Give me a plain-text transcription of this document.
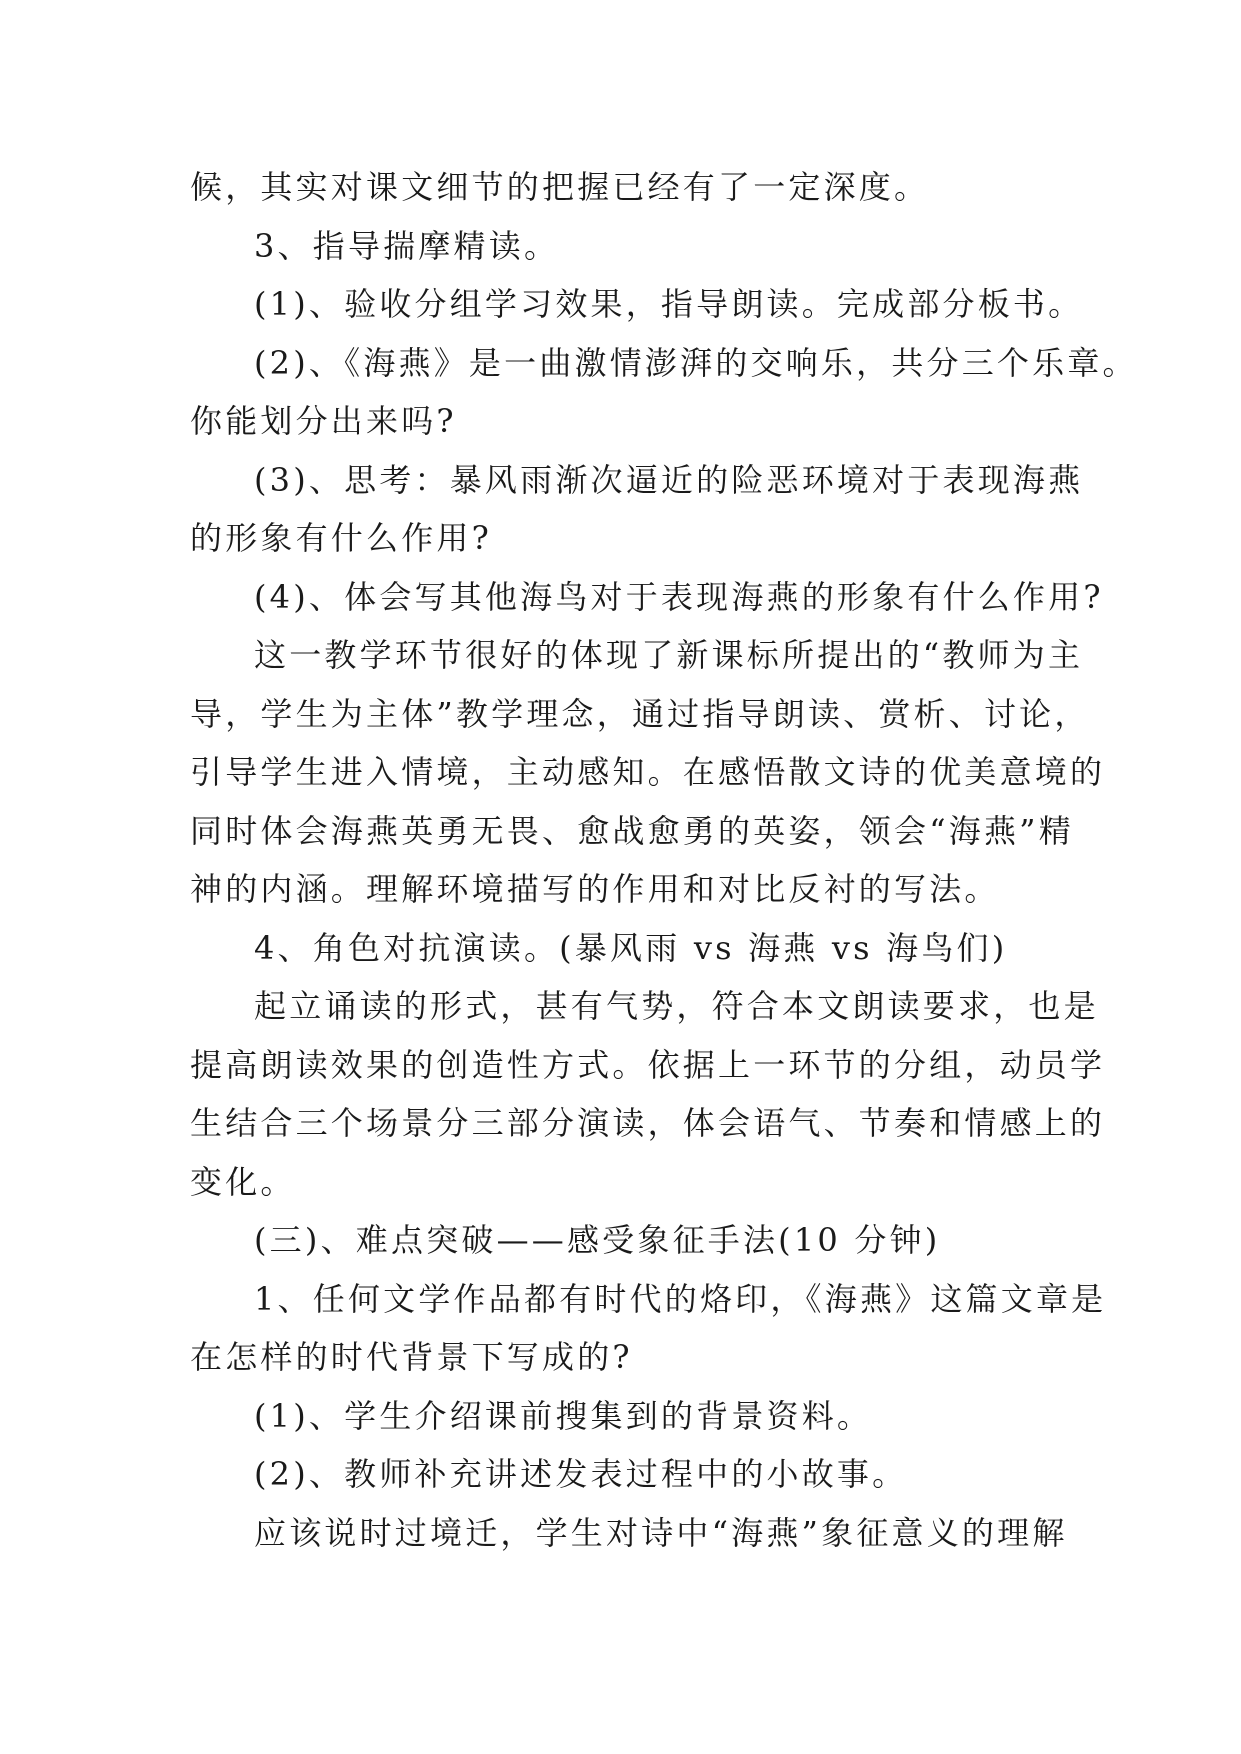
候，其实对课文细节的把握已经有了一定深度。
3、指导揣摩精读。
(1)、验收分组学习效果，指导朗读。完成部分板书。
(2)、《海燕》是一曲激情澎湃的交响乐，共分三个乐章。
你能划分出来吗?
(3)、思考：暴风雨渐次逼近的险恶环境对于表现海燕
的形象有什么作用?
(4)、体会写其他海鸟对于表现海燕的形象有什么作用?
这一教学环节很好的体现了新课标所提出的“教师为主
导，学生为主体”教学理念，通过指导朗读、赏析、讨论，
引导学生进入情境，主动感知。在感悟散文诗的优美意境的
同时体会海燕英勇无畏、愈战愈勇的英姿，领会“海燕”精
神的内涵。理解环境描写的作用和对比反衬的写法。
4、角色对抗演读。(暴风雨 vs 海燕 vs 海鸟们)
起立诵读的形式，甚有气势，符合本文朗读要求，也是
提高朗读效果的创造性方式。依据上一环节的分组，动员学
生结合三个场景分三部分演读，体会语气、节奏和情感上的
变化。
(三)、难点突破——感受象征手法(10 分钟)
1、任何文学作品都有时代的烙印，《海燕》这篇文章是
在怎样的时代背景下写成的?
(1)、学生介绍课前搜集到的背景资料。
(2)、教师补充讲述发表过程中的小故事。
应该说时过境迁，学生对诗中“海燕”象征意义的理解
